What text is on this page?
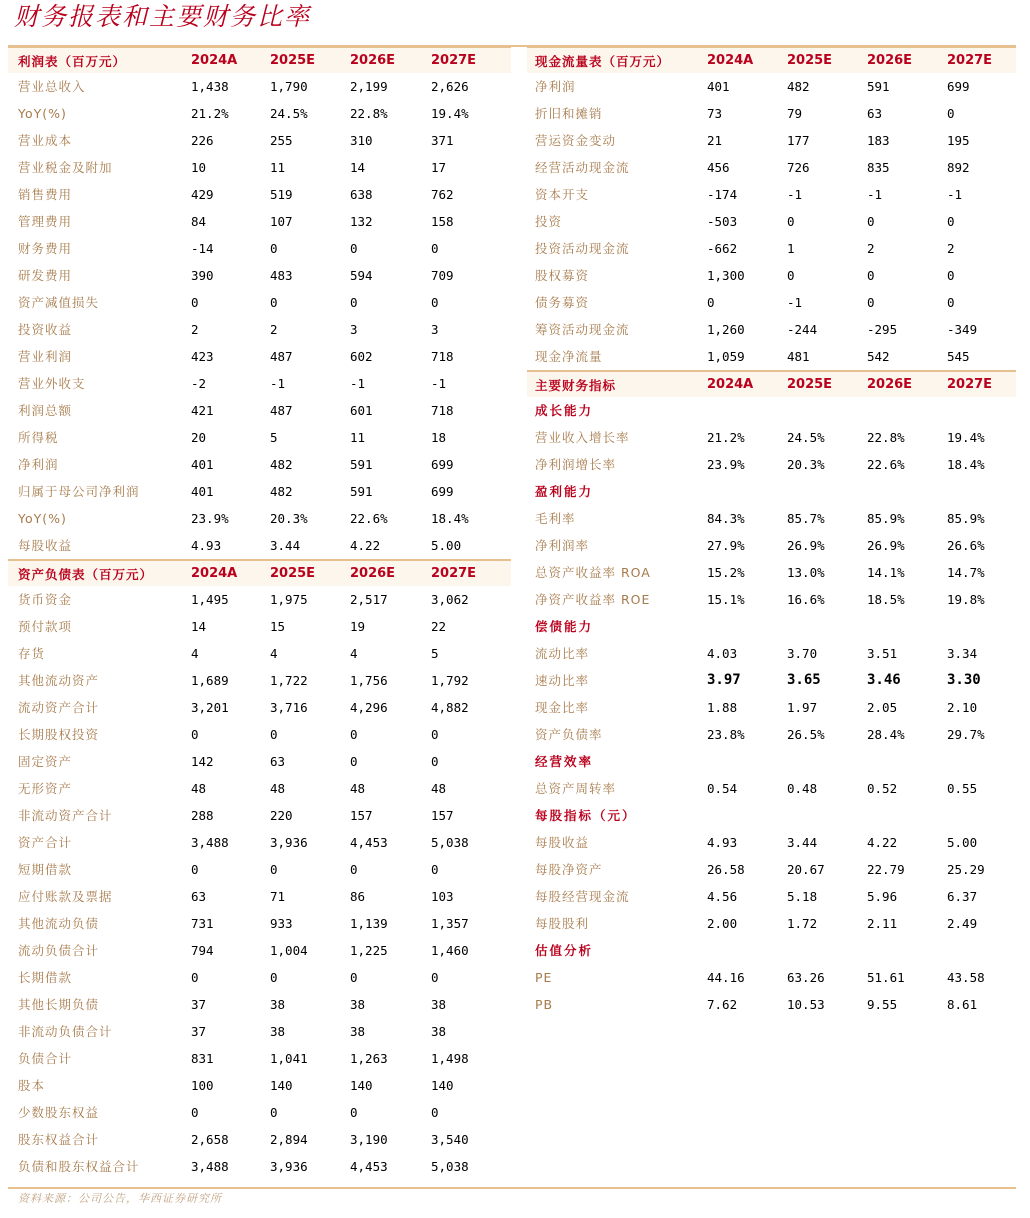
财务报表和主要财务比率
利润表（百万元）	2024A	2025E	2026E	2027E
营业总收入	1,438	1,790	2,199	2,626
YoY(%)	21.2%	24.5%	22.8%	19.4%
营业成本	226	255	310	371
营业税金及附加	10	11	14	17
销售费用	429	519	638	762
管理费用	84	107	132	158
财务费用	-14	0	0	0
研发费用	390	483	594	709
资产减值损失	0	0	0	0
投资收益	2	2	3	3
营业利润	423	487	602	718
营业外收支	-2	-1	-1	-1
利润总额	421	487	601	718
所得税	20	5	11	18
净利润	401	482	591	699
归属于母公司净利润	401	482	591	699
YoY(%)	23.9%	20.3%	22.6%	18.4%
每股收益	4.93	3.44	4.22	5.00
资产负债表（百万元）	2024A	2025E	2026E	2027E
货币资金	1,495	1,975	2,517	3,062
预付款项	14	15	19	22
存货	4	4	4	5
其他流动资产	1,689	1,722	1,756	1,792
流动资产合计	3,201	3,716	4,296	4,882
长期股权投资	0	0	0	0
固定资产	142	63	0	0
无形资产	48	48	48	48
非流动资产合计	288	220	157	157
资产合计	3,488	3,936	4,453	5,038
短期借款	0	0	0	0
应付账款及票据	63	71	86	103
其他流动负债	731	933	1,139	1,357
流动负债合计	794	1,004	1,225	1,460
长期借款	0	0	0	0
其他长期负债	37	38	38	38
非流动负债合计	37	38	38	38
负债合计	831	1,041	1,263	1,498
股本	100	140	140	140
少数股东权益	0	0	0	0
股东权益合计	2,658	2,894	3,190	3,540
负债和股东权益合计	3,488	3,936	4,453	5,038
现金流量表（百万元）	2024A	2025E	2026E	2027E
净利润	401	482	591	699
折旧和摊销	73	79	63	0
营运资金变动	21	177	183	195
经营活动现金流	456	726	835	892
资本开支	-174	-1	-1	-1
投资	-503	0	0	0
投资活动现金流	-662	1	2	2
股权募资	1,300	0	0	0
债务募资	0	-1	0	0
筹资活动现金流	1,260	-244	-295	-349
现金净流量	1,059	481	542	545
主要财务指标	2024A	2025E	2026E	2027E
成长能力
营业收入增长率	21.2%	24.5%	22.8%	19.4%
净利润增长率	23.9%	20.3%	22.6%	18.4%
盈利能力
毛利率	84.3%	85.7%	85.9%	85.9%
净利润率	27.9%	26.9%	26.9%	26.6%
总资产收益率 ROA	15.2%	13.0%	14.1%	14.7%
净资产收益率 ROE	15.1%	16.6%	18.5%	19.8%
偿债能力
流动比率	4.03	3.70	3.51	3.34
速动比率	3.97	3.65	3.46	3.30
现金比率	1.88	1.97	2.05	2.10
资产负债率	23.8%	26.5%	28.4%	29.7%
经营效率
总资产周转率	0.54	0.48	0.52	0.55
每股指标（元）
每股收益	4.93	3.44	4.22	5.00
每股净资产	26.58	20.67	22.79	25.29
每股经营现金流	4.56	5.18	5.96	6.37
每股股利	2.00	1.72	2.11	2.49
估值分析
PE	44.16	63.26	51.61	43.58
PB	7.62	10.53	9.55	8.61
资料来源：公司公告，华西证券研究所
